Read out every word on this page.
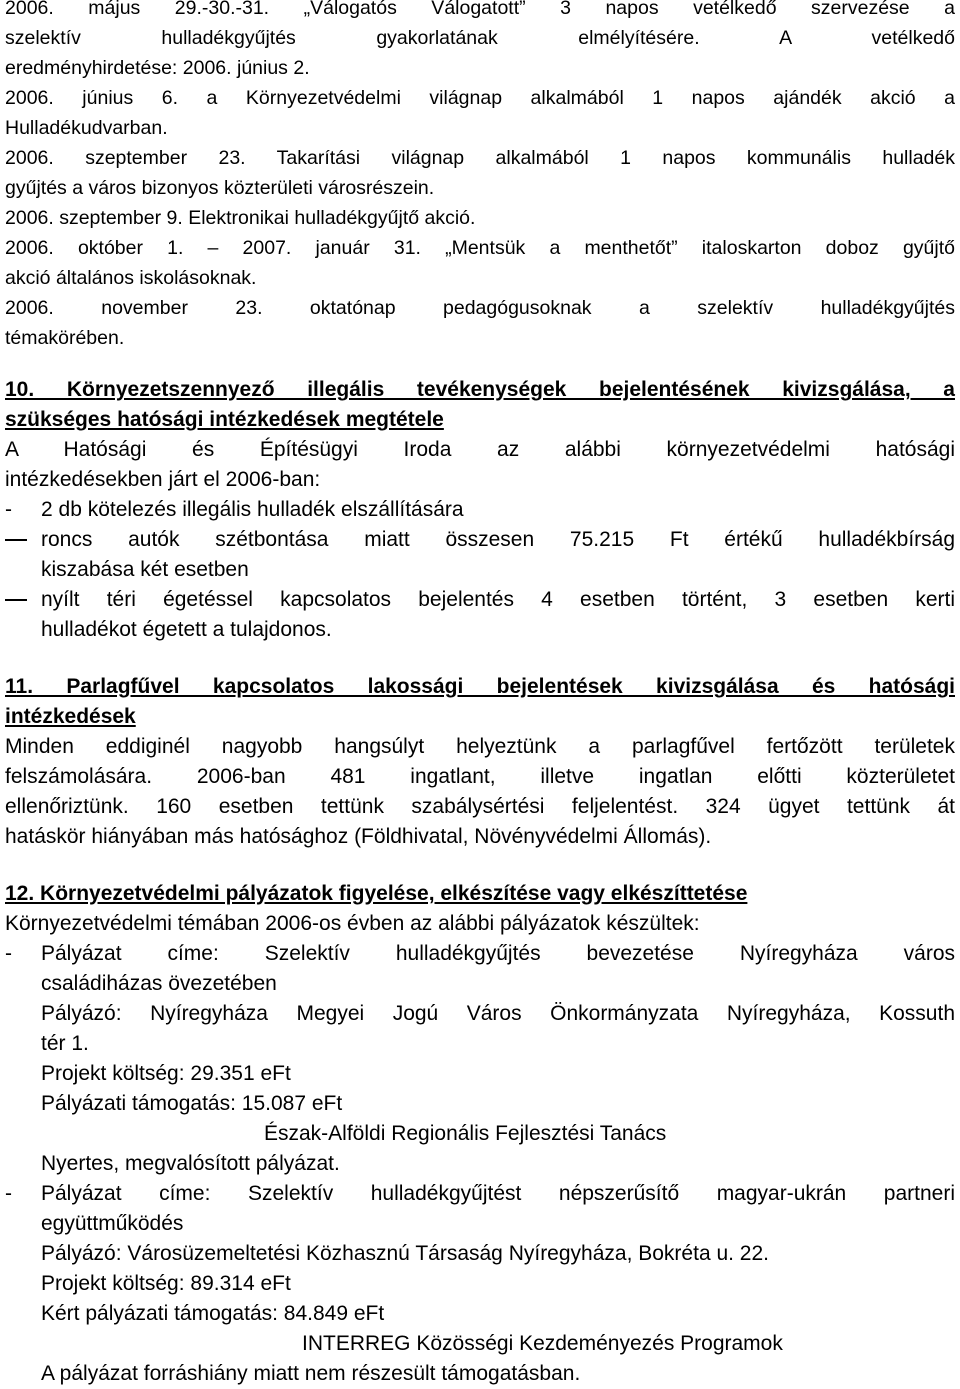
2006. május 29.-30.-31. „Válogatós Válogatott” 3 napos vetélkedő szervezése a
szelektív hulladékgyűjtés gyakorlatának elmélyítésére. A vetélkedő
eredményhirdetése: 2006. június 2.
2006. június 6. a Környezetvédelmi világnap alkalmából 1 napos ajándék akció a
Hulladékudvarban.
2006. szeptember 23. Takarítási világnap alkalmából 1 napos kommunális hulladék
gyűjtés a város bizonyos közterületi városrészein.
2006. szeptember 9. Elektronikai hulladékgyűjtő akció.
2006. október 1. – 2007. január 31. „Mentsük a menthetőt” italoskarton doboz gyűjtő
akció általános iskolásoknak.
2006. november 23. oktatónap pedagógusoknak a szelektív hulladékgyűjtés
témakörében.
10. Környezetszennyező illegális tevékenységek bejelentésének kivizsgálása, a
szükséges hatósági intézkedések megtétele
A Hatósági és Építésügyi Iroda az alábbi környezetvédelmi hatósági
intézkedésekben járt el 2006-ban:
- 2 db kötelezés illegális hulladék elszállítására
roncs autók szétbontása miatt összesen 75.215 Ft értékű hulladékbírság
kiszabása két esetben
nyílt téri égetéssel kapcsolatos bejelentés 4 esetben történt, 3 esetben kerti
hulladékot égetett a tulajdonos.
11. Parlagfűvel kapcsolatos lakossági bejelentések kivizsgálása és hatósági
intézkedések
Minden eddiginél nagyobb hangsúlyt helyeztünk a parlagfűvel fertőzött területek
felszámolására. 2006-ban 481 ingatlant, illetve ingatlan előtti közterületet
ellenőriztünk. 160 esetben tettünk szabálysértési feljelentést. 324 ügyet tettünk át
hatáskör hiányában más hatósághoz (Földhivatal, Növényvédelmi Állomás).
12. Környezetvédelmi pályázatok figyelése, elkészítése vagy elkészíttetése
Környezetvédelmi témában 2006-os évben az alábbi pályázatok készültek:
- Pályázat címe: Szelektív hulladékgyűjtés bevezetése Nyíregyháza város
családiházas övezetében
Pályázó: Nyíregyháza Megyei Jogú Város Önkormányzata Nyíregyháza, Kossuth
tér 1.
Projekt költség: 29.351 eFt
Pályázati támogatás: 15.087 eFt
Észak-Alföldi Regionális Fejlesztési Tanács
Nyertes, megvalósított pályázat.
- Pályázat címe: Szelektív hulladékgyűjtést népszerűsítő magyar-ukrán partneri
együttműködés
Pályázó: Városüzemeltetési Közhasznú Társaság Nyíregyháza, Bokréta u. 22.
Projekt költség: 89.314 eFt
Kért pályázati támogatás: 84.849 eFt
INTERREG Közösségi Kezdeményezés Programok
A pályázat forráshiány miatt nem részesült támogatásban.
